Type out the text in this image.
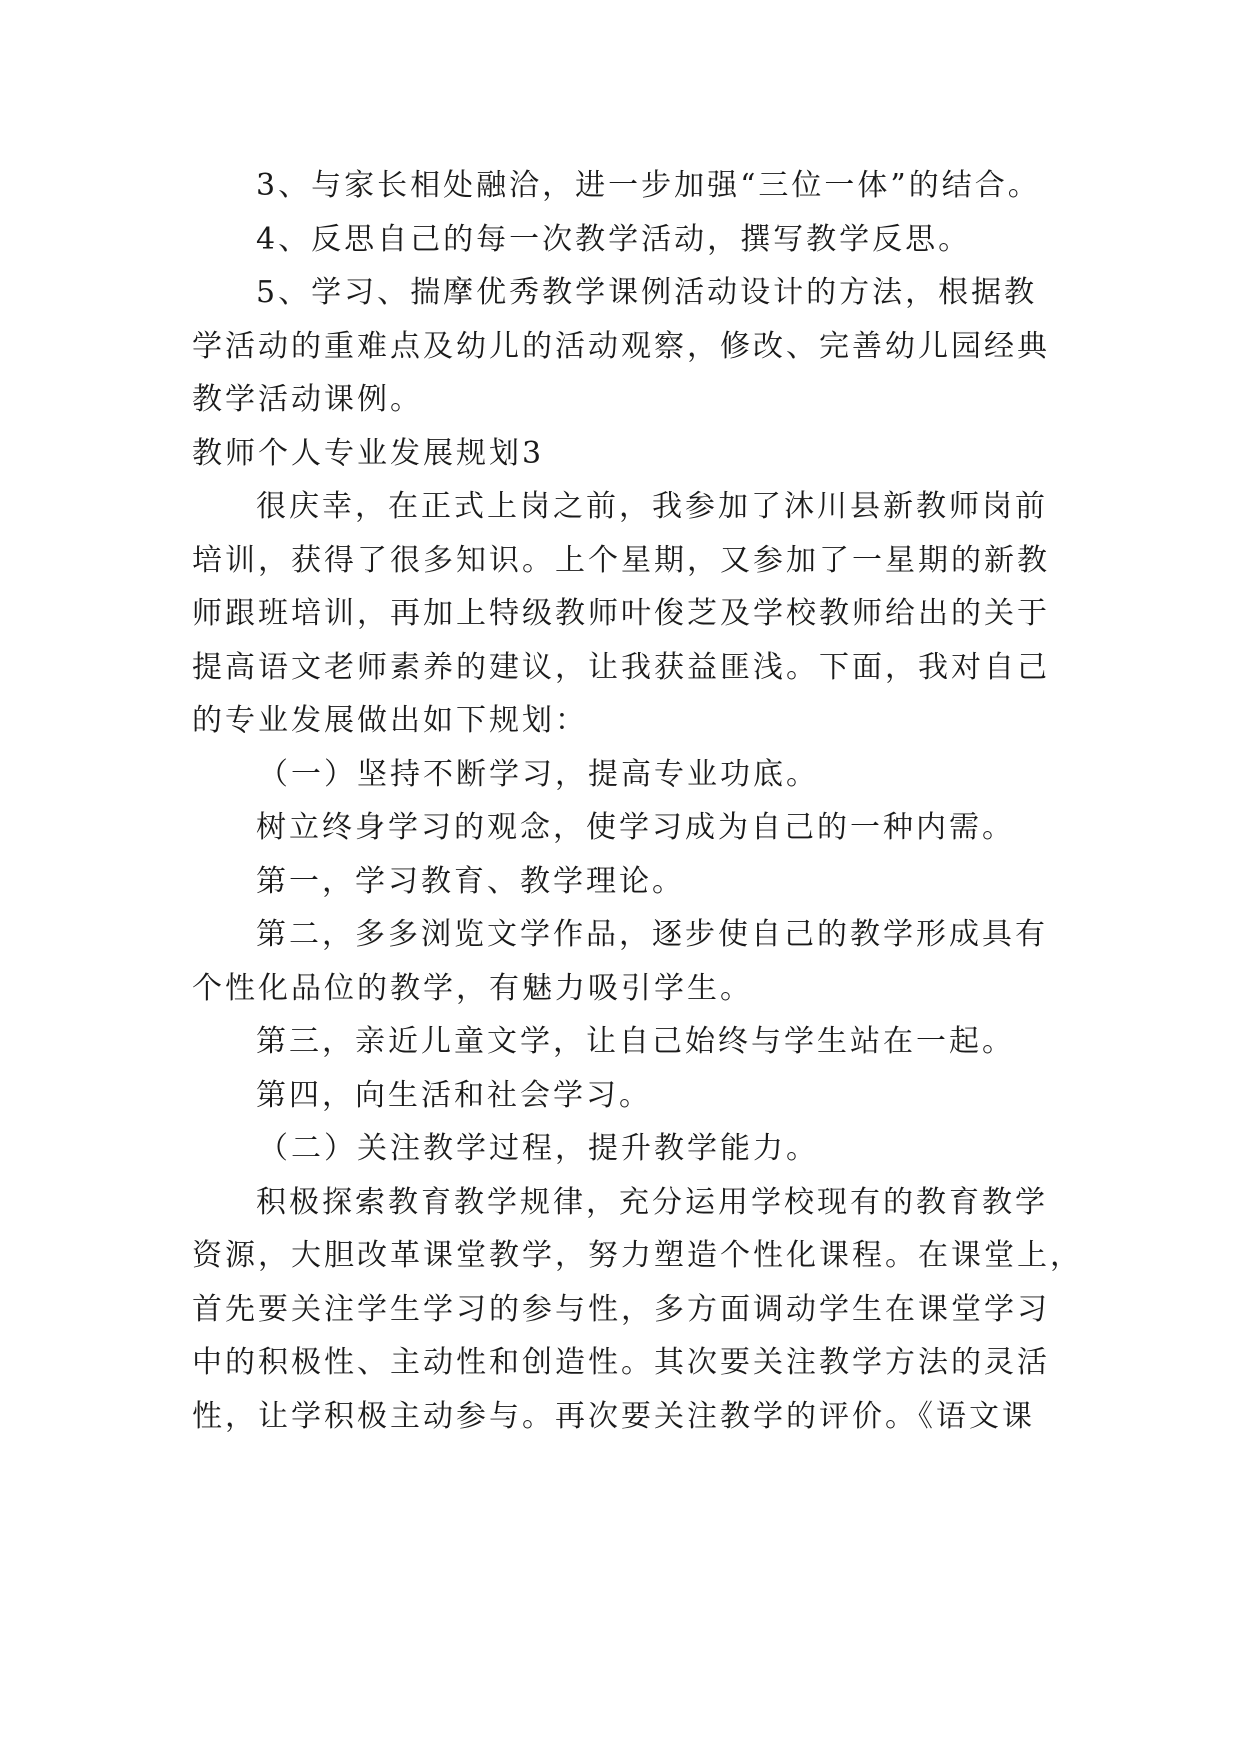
3、与家长相处融洽，进一步加强“三位一体”的结合。
4、反思自己的每一次教学活动，撰写教学反思。
5、学习、揣摩优秀教学课例活动设计的方法，根据教
学活动的重难点及幼儿的活动观察，修改、完善幼儿园经典
教学活动课例。
教师个人专业发展规划3
很庆幸，在正式上岗之前，我参加了沐川县新教师岗前
培训，获得了很多知识。上个星期，又参加了一星期的新教
师跟班培训，再加上特级教师叶俊芝及学校教师给出的关于
提高语文老师素养的建议，让我获益匪浅。下面，我对自己
的专业发展做出如下规划：
（一）坚持不断学习，提高专业功底。
树立终身学习的观念，使学习成为自己的一种内需。
第一，学习教育、教学理论。
第二，多多浏览文学作品，逐步使自己的教学形成具有
个性化品位的教学，有魅力吸引学生。
第三，亲近儿童文学，让自己始终与学生站在一起。
第四，向生活和社会学习。
（二）关注教学过程，提升教学能力。
积极探索教育教学规律，充分运用学校现有的教育教学
资源，大胆改革课堂教学，努力塑造个性化课程。在课堂上，
首先要关注学生学习的参与性，多方面调动学生在课堂学习
中的积极性、主动性和创造性。其次要关注教学方法的灵活
性，让学积极主动参与。再次要关注教学的评价。《语文课
